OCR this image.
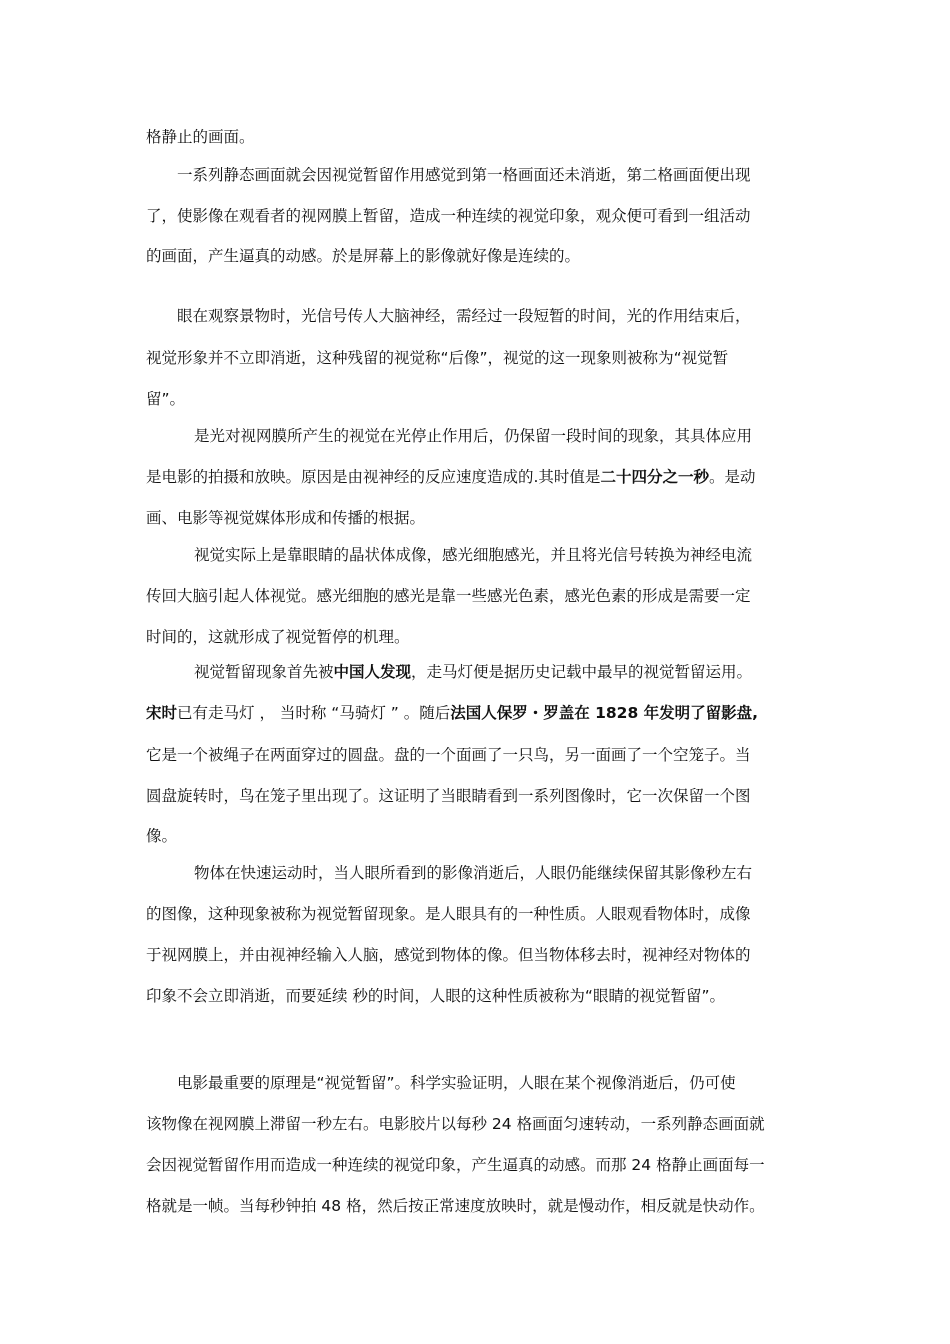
格静止的画面。
一系列静态画面就会因视觉暂留作用感觉到第一格画面还未消逝，第二格画面便出现
了，使影像在观看者的视网膜上暂留，造成一种连续的视觉印象，观众便可看到一组活动
的画面，产生逼真的动感。於是屏幕上的影像就好像是连续的。
眼在观察景物时，光信号传人大脑神经，需经过一段短暂的时间，光的作用结束后，
视觉形象并不立即消逝，这种残留的视觉称“后像”，视觉的这一现象则被称为“视觉暂
留”。
是光对视网膜所产生的视觉在光停止作用后，仍保留一段时间的现象，其具体应用
是电影的拍摄和放映。原因是由视神经的反应速度造成的.其时值是二十四分之一秒。是动
画、电影等视觉媒体形成和传播的根据。
视觉实际上是靠眼睛的晶状体成像，感光细胞感光，并且将光信号转换为神经电流
传回大脑引起人体视觉。感光细胞的感光是靠一些感光色素，感光色素的形成是需要一定
时间的，这就形成了视觉暂停的机理。
视觉暂留现象首先被中国人发现，走马灯便是据历史记载中最早的视觉暂留运用。
宋时已有走马灯 ， 当时称 “马骑灯 ” 。随后法国人保罗・罗盖在 1828 年发明了留影盘,
它是一个被绳子在两面穿过的圆盘。盘的一个面画了一只鸟，另一面画了一个空笼子。当
圆盘旋转时，鸟在笼子里出现了。这证明了当眼睛看到一系列图像时，它一次保留一个图
像。
物体在快速运动时，当人眼所看到的影像消逝后，人眼仍能继续保留其影像秒左右
的图像，这种现象被称为视觉暂留现象。是人眼具有的一种性质。人眼观看物体时，成像
于视网膜上，并由视神经输入人脑，感觉到物体的像。但当物体移去时，视神经对物体的
印象不会立即消逝，而要延续 秒的时间，人眼的这种性质被称为“眼睛的视觉暂留”。
电影最重要的原理是“视觉暂留”。科学实验证明，人眼在某个视像消逝后，仍可使
该物像在视网膜上滞留一秒左右。电影胶片以每秒 24 格画面匀速转动，一系列静态画面就
会因视觉暂留作用而造成一种连续的视觉印象，产生逼真的动感。而那 24 格静止画面每一
格就是一帧。当每秒钟拍 48 格，然后按正常速度放映时，就是慢动作，相反就是快动作。
